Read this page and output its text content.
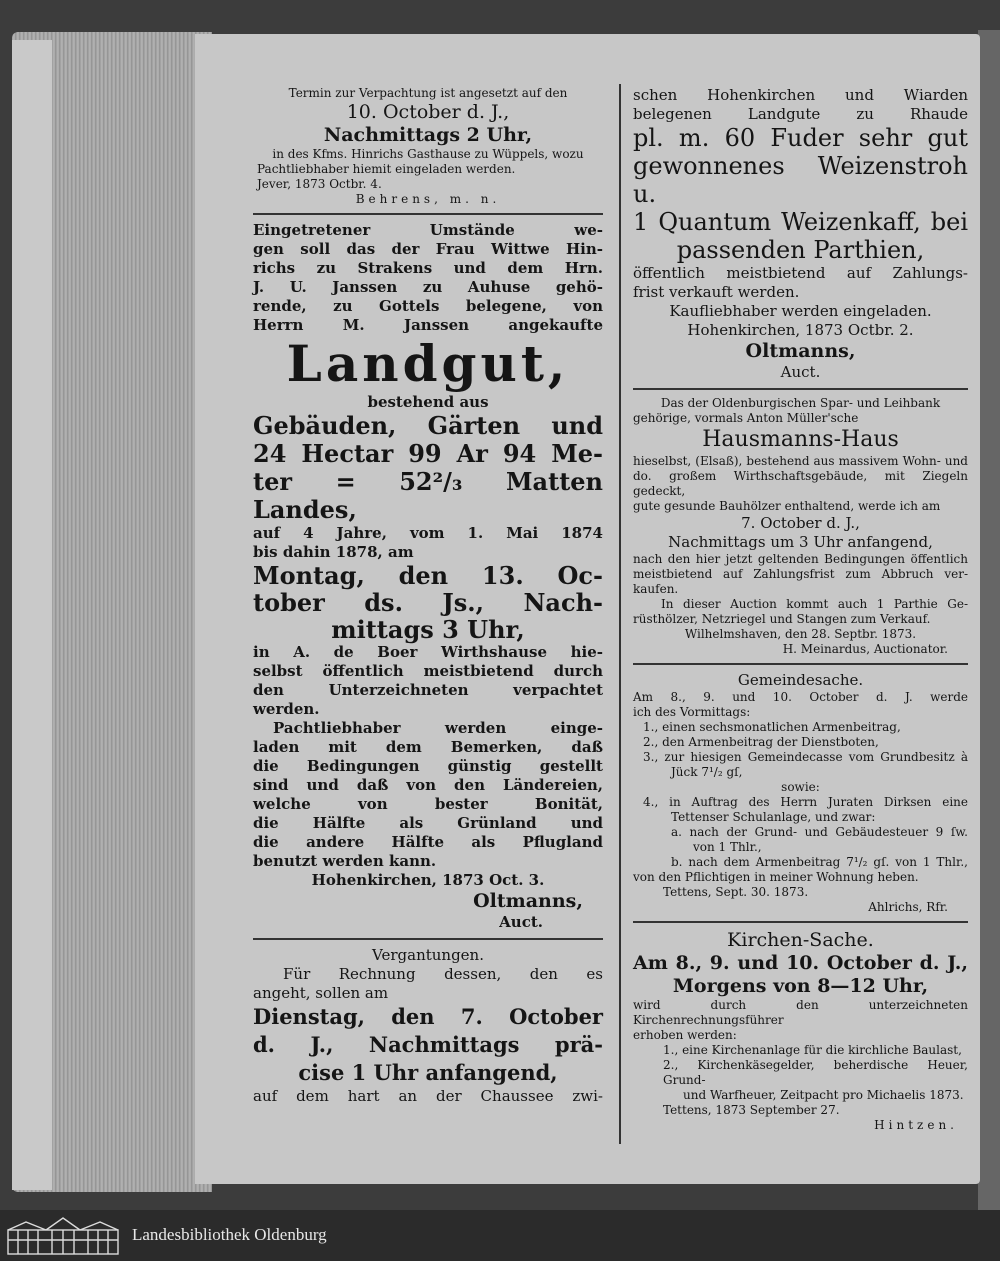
Termin zur Verpachtung ist angesetzt auf den

10. October d. J.,

Nachmittags 2 Uhr,

in des Kfms. Hinrichs Gasthause zu Wüppels, wozu

Pachtliebhaber hiemit eingeladen werden.

Jever, 1873 Octbr. 4.

Behrens, m. n.

Eingetretener Umstände we-

gen soll das der Frau Wittwe Hin-

richs zu Strakens und dem Hrn.

J. U. Janssen zu Auhuse gehö-

rende, zu Gottels belegene, von

Herrn M. Janssen angekaufte

Landgut,

bestehend aus

Gebäuden, Gärten und

24 Hectar 99 Ar 94 Me-

ter = 52²/₃ Matten Landes,

auf 4 Jahre, vom 1. Mai 1874

bis dahin 1878, am

Montag, den 13. Oc-

tober ds. Js., Nach-

mittags 3 Uhr,

in A. de Boer Wirthshause hie-

selbst öffentlich meistbietend durch

den Unterzeichneten verpachtet

werden.

Pachtliebhaber werden einge-

laden mit dem Bemerken, daß

die Bedingungen günstig gestellt

sind und daß von den Ländereien,

welche von bester Bonität,

die Hälfte als Grünland und

die andere Hälfte als Pflugland

benutzt werden kann.

Hohenkirchen, 1873 Oct. 3.

Oltmanns,

Auct.

Vergantungen.

Für Rechnung dessen, den es

angeht, sollen am

Dienstag, den 7. October

d. J., Nachmittags prä-

cise 1 Uhr anfangend,

auf dem hart an der Chaussee zwi-

schen Hohenkirchen und Wiarden

belegenen Landgute zu Rhaude

pl. m. 60 Fuder sehr gut

gewonnenes Weizenstroh u.

1 Quantum Weizenkaff, bei

passenden Parthien,

öffentlich meistbietend auf Zahlungs-

frist verkauft werden.

Kaufliebhaber werden eingeladen.

Hohenkirchen, 1873 Octbr. 2.

Oltmanns,

Auct.

Das der Oldenburgischen Spar- und Leihbank

gehörige, vormals Anton Müller'sche

Hausmanns-Haus

hieselbst, (Elsaß), bestehend aus massivem Wohn- und

do. großem Wirthschaftsgebäude, mit Ziegeln gedeckt,

gute gesunde Bauhölzer enthaltend, werde ich am

7. October d. J.,

Nachmittags um 3 Uhr anfangend,

nach den hier jetzt geltenden Bedingungen öffentlich

meistbietend auf Zahlungsfrist zum Abbruch ver-

kaufen.

In dieser Auction kommt auch 1 Parthie Ge-

rüsthölzer, Netzriegel und Stangen zum Verkauf.

Wilhelmshaven, den 28. Septbr. 1873.

H. Meinardus, Auctionator.

Gemeindesache.

Am 8., 9. und 10. October d. J. werde

ich des Vormittags:

1., einen sechsmonatlichen Armenbeitrag,

2., den Armenbeitrag der Dienstboten,

3., zur hiesigen Gemeindecasse vom Grundbesitz à

Jück 7¹/₂ gſ,

sowie:

4., in Auftrag des Herrn Juraten Dirksen eine

Tettenser Schulanlage, und zwar:

a. nach der Grund- und Gebäudesteuer 9 ſw.

von 1 Thlr.,

b. nach dem Armenbeitrag 7¹/₂ gſ. von 1 Thlr.,

von den Pflichtigen in meiner Wohnung heben.

Tettens, Sept. 30. 1873.

Ahlrichs, Rfr.

Kirchen-Sache.

Am 8., 9. und 10. October d. J.,

Morgens von 8—12 Uhr,

wird durch den unterzeichneten Kirchenrechnungsführer

erhoben werden:

1., eine Kirchenanlage für die kirchliche Baulast,

2., Kirchenkäsegelder, beherdische Heuer, Grund-

und Warfheuer, Zeitpacht pro Michaelis 1873.

Tettens, 1873 September 27.

Hintzen.

Landesbibliothek Oldenburg
